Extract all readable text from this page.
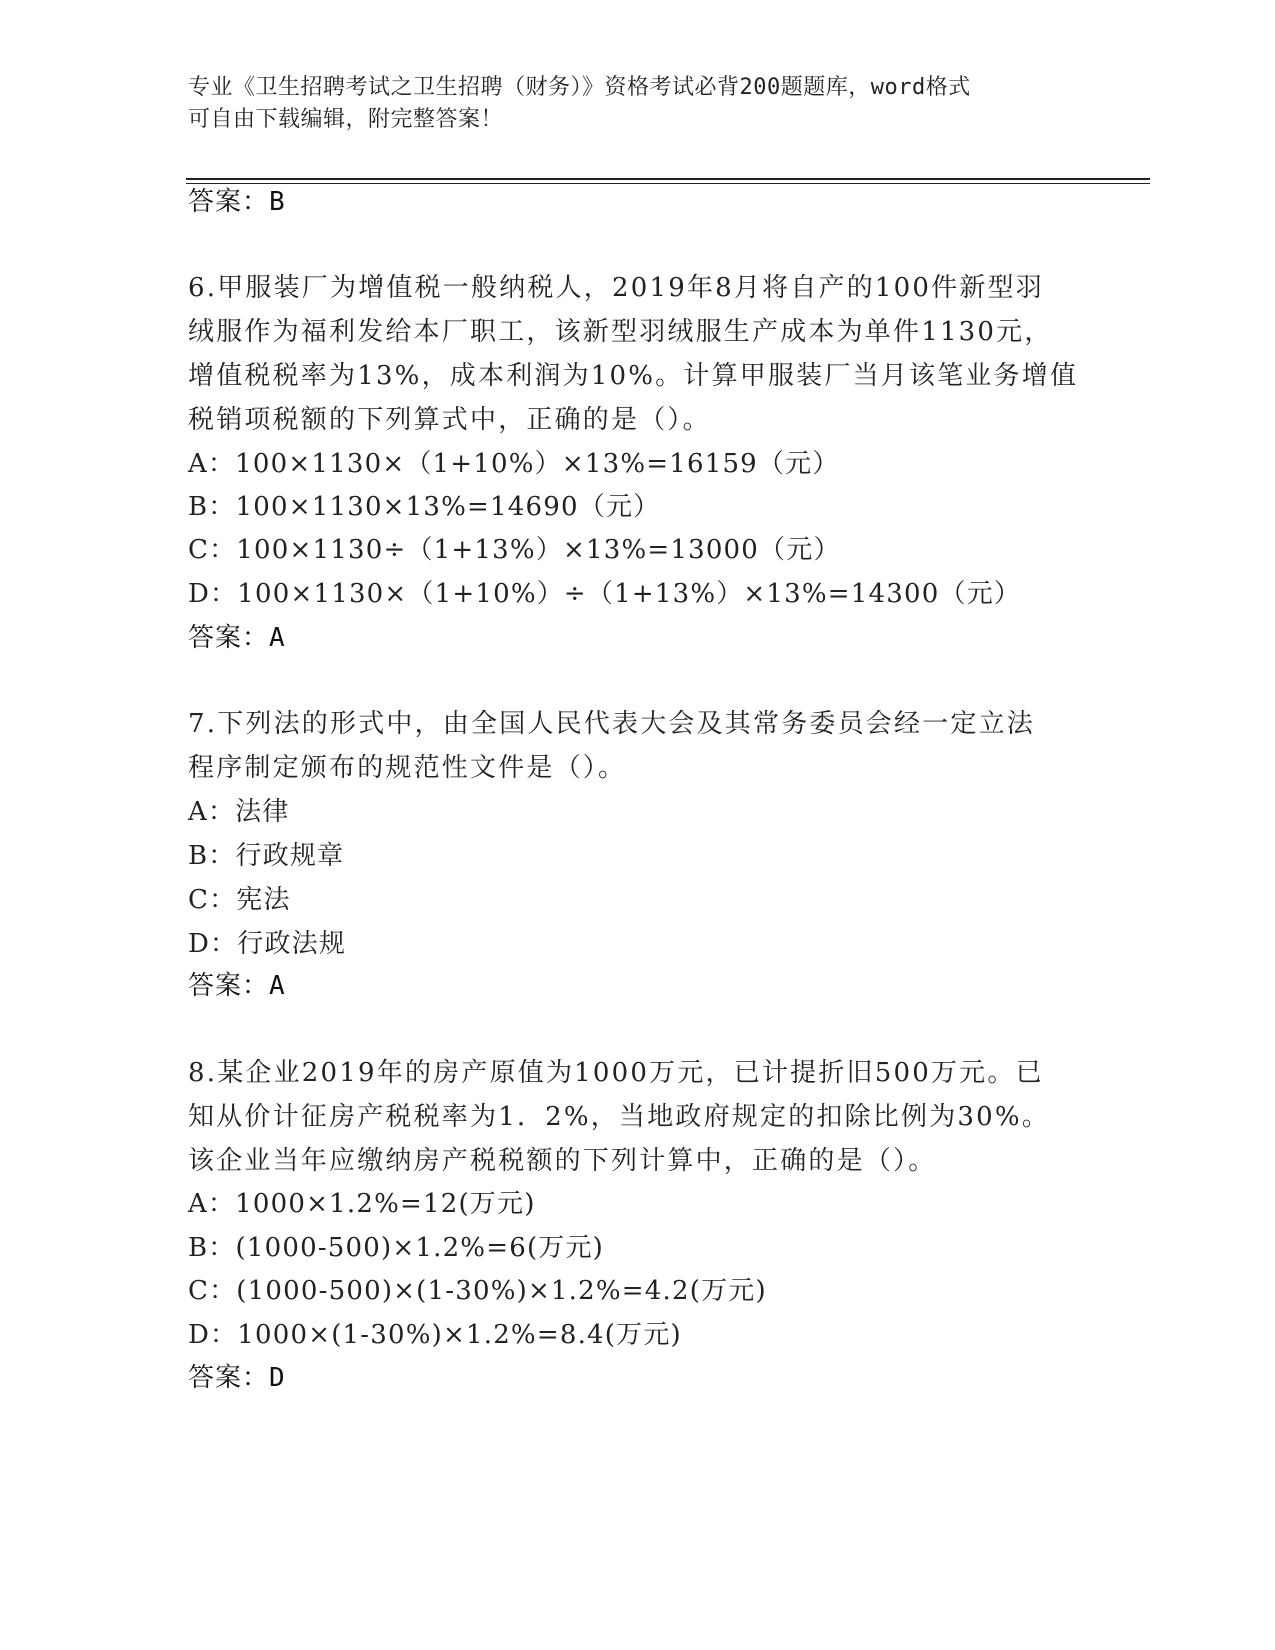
专业《卫生招聘考试之卫生招聘（财务）》资格考试必背200题题库，word格式
可自由下载编辑，附完整答案！
答案：B
6.甲服装厂为增值税一般纳税人，2019年8月将自产的100件新型羽
绒服作为福利发给本厂职工，该新型羽绒服生产成本为单件1130元，
增值税税率为13%，成本利润为10%。计算甲服装厂当月该笔业务增值
税销项税额的下列算式中，正确的是（）。
A：100×1130×（1+10%）×13%=16159（元）
B：100×1130×13%=14690（元）
C：100×1130÷（1+13%）×13%=13000（元）
D：100×1130×（1+10%）÷（1+13%）×13%=14300（元）
答案：A
7.下列法的形式中，由全国人民代表大会及其常务委员会经一定立法
程序制定颁布的规范性文件是（）。
A：法律
B：行政规章
C：宪法
D：行政法规
答案：A
8.某企业2019年的房产原值为1000万元，已计提折旧500万元。已
知从价计征房产税税率为1．2%，当地政府规定的扣除比例为30%。
该企业当年应缴纳房产税税额的下列计算中，正确的是（）。
A：1000×1.2%=12(万元)
B：(1000-500)×1.2%=6(万元)
C：(1000-500)×(1-30%)×1.2%=4.2(万元)
D：1000×(1-30%)×1.2%=8.4(万元)
答案：D
